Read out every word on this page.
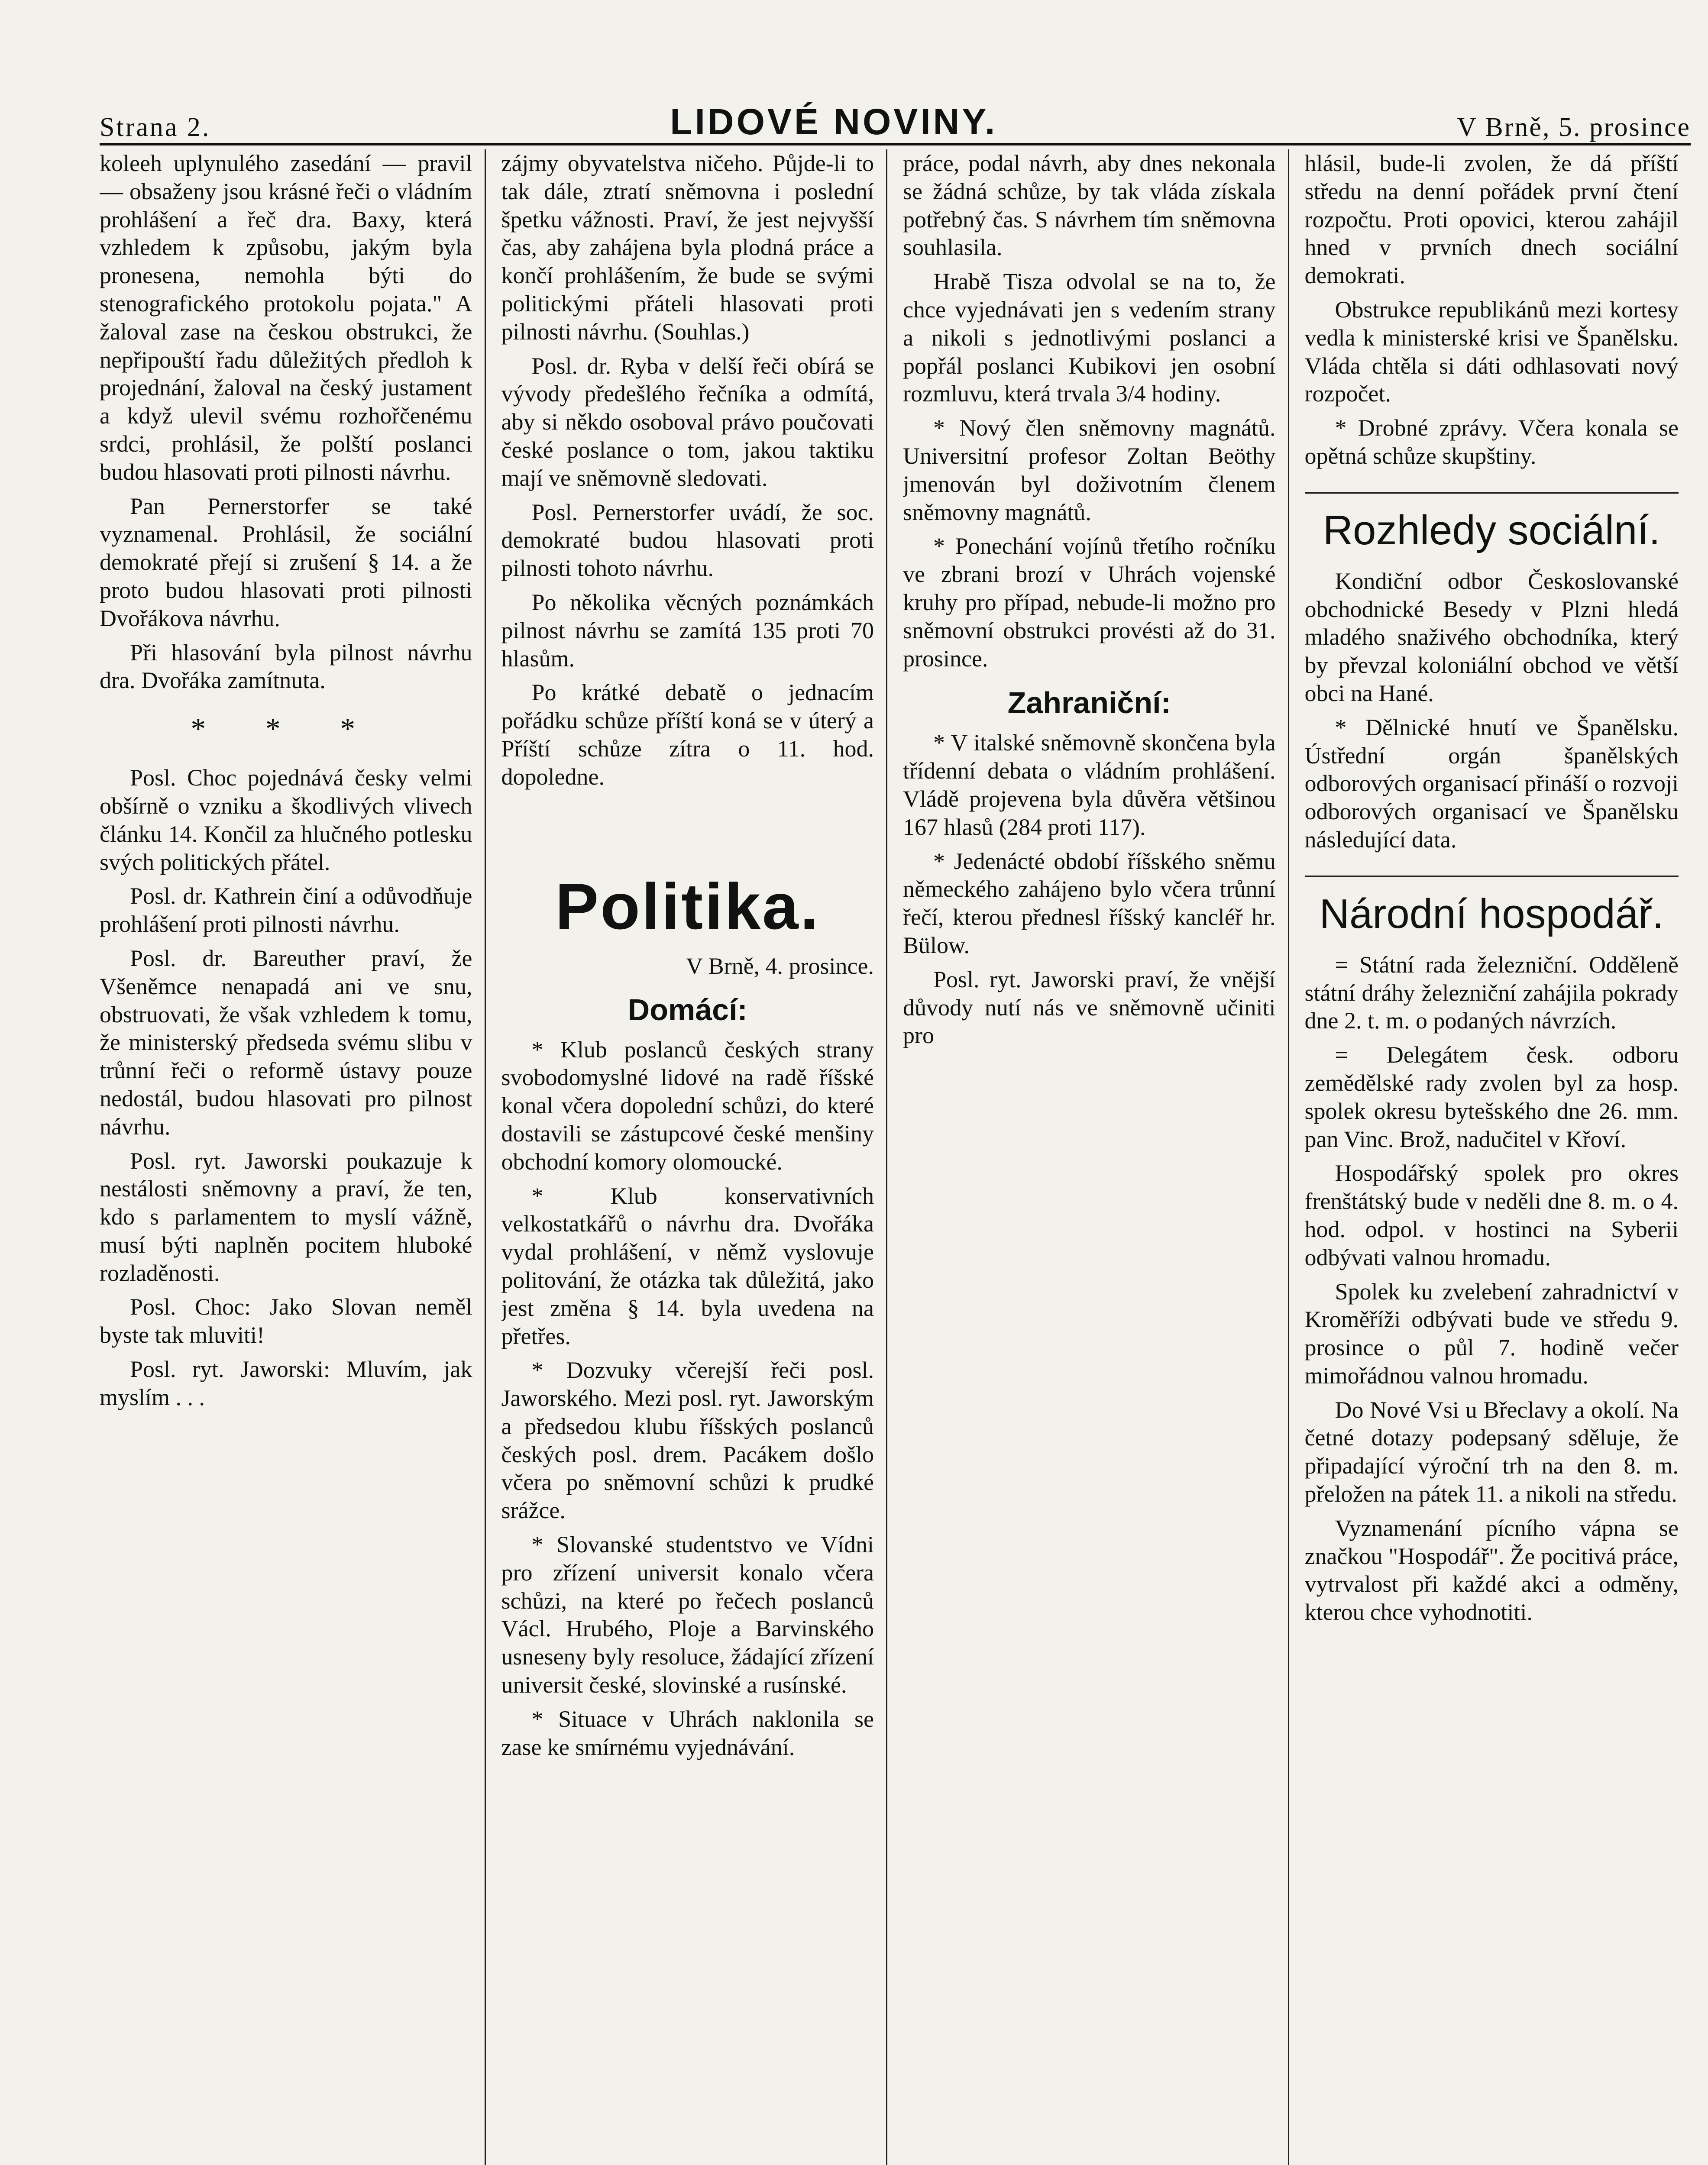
Strana 2.	LIDOVÉ NOVINY.	V Brně, 5. prosince

koleeh uplynulého zasedání — pravil — obsaženy jsou krásné řeči o vládním prohlášení a řeč dra. Baxy, která vzhledem k způsobu, jakým byla pronesena, nemohla býti do stenografického protokolu pojata." A žaloval zase na českou obstrukci, že nepřipouští řadu důležitých předloh k projednání, žaloval na český justament a když ulevil svému rozhořčenému srdci, prohlásil, že polští poslanci budou hlasovati proti pilnosti návrhu.

Pan Pernerstorfer se také vyznamenal. Prohlásil, že sociální demokraté přejí si zrušení § 14. a že proto budou hlasovati proti pilnosti Dvořákova návrhu.

Při hlasování byla pilnost návrhu dra. Dvořáka zamítnuta.

* * *

Posl. Choc pojednává česky velmi obšírně o vzniku a škodlivých vlivech článku 14. Končil za hlučného potlesku svých politických přátel.

Posl. dr. Kathrein činí a odůvodňuje prohlášení proti pilnosti návrhu.

Posl. dr. Bareuther praví, že Všeněmce nenapadá ani ve snu, obstruovati, že však vzhledem k tomu, že ministerský předseda svému slibu v trůnní řeči o reformě ústavy pouze nedostál, budou hlasovati pro pilnost návrhu.

Posl. ryt. Jaworski poukazuje k nestálosti sněmovny a praví, že ten, kdo s parlamentem to myslí vážně, musí býti naplněn pocitem hluboké rozladěnosti.

Posl. Choc: Jako Slovan neměl byste tak mluviti!

Posl. ryt. Jaworski: Mluvím, jak myslím . . .

zájmy obyvatelstva ničeho. Půjde-li to tak dále, ztratí sněmovna i poslední špetku vážnosti. Praví, že jest nejvyšší čas, aby zahájena byla plodná práce a končí prohlášením, že bude se svými politickými přáteli hlasovati proti pilnosti návrhu. (Souhlas.)

Posl. dr. Ryba v delší řeči obírá se výv⁠ody předešlého řečníka a odmítá, aby si někdo osoboval právo poučovati české poslance o tom, jakou taktiku mají ve sněmovně sledovati.

Posl. Pernerstorfer uvádí, že soc. demokraté budou hlasovati proti pilnosti tohoto návrhu.

Po několika věcných poznámkách pilnost návrhu se zamítá 135 proti 70 hlasům.

Po krátké debatě o jednacím pořádku schůze příští koná se v úterý a Příští schůze zítra o 11. hod. dopoledne.

Politika.
V Brně, 4. prosince.
Domácí:

* Klub poslanců českých strany svobodomyslné lidové na radě říšské konal včera dopolední schůzi, do které dostavili se zástupcové české menšiny obchodní komory olomoucké.

* Klub konservativních velkostatkářů o návrhu dra. Dvořáka vydal prohlášení, v němž vyslovuje politování, že otázka tak důležitá, jako jest změna § 14. byla uvedena na přetřes.

* Dozvuky včerejší řeči posl. Jaworského. Mezi posl. ryt. Jaworským a předsedou klubu říšských poslanců českých posl. drem. Pacákem došlo včera po sněmovní schůzi k prudké srážce.

* Slovanské studentstvo ve Vídni pro zřízení universit konalo včera schůzi, na které po řečech poslanců Václ. Hrubého, Ploje a Barvinského usneseny byly resoluce, žádající zřízení universit české, slovinské a rusínské.

* Situace v Uhrách naklonila se zase ke smírnému vyjednávání.

práce, podal návrh, aby dnes nekonala se žádná schůze, by tak vláda získala potřebný čas. S návrhem tím sněmovna souhlasila.

Hrabě Tisza odvolal se na to, že chce vyjednávati jen s vedením strany a nikoli s jednotlivými poslanci a popřál poslanci Kubikovi jen osobní rozmluvu, která trvala 3/4 hodiny.

* Nový člen sněmovny magnátů. Universitní profesor Zoltan Beöthy jmenován byl doživotním členem sněmovny magnátů.

* Ponechání vojínů třetího ročníku ve zbrani brozí v Uhrách vojenské kruhy pro případ, nebude-li možno pro sněmovní obstrukci provésti až do 31. prosince.

Zahraniční:

* V italské sněmovně skončena byla třídenní debata o vládním prohlášení. Vládě projevena byla důvěra většinou 167 hlasů (284 proti 117).

* Jedenácté období říšského sněmu německého zahájeno bylo včera trůnní řečí, kterou přednesl říšský kancléř hr. Bülow.

Posl. ryt. Jaworski praví, že vnější důvody nutí nás ve sněmovně učiniti pro

hlásil, bude-li zvolen, že dá příští středu na denní pořádek první čtení rozpočtu. Proti opovici, kterou zahájil hned v prvních dnech sociální demokrati.

Obstrukce republikánů mezi kortesy vedla k ministerské krisi ve Španělsku. Vláda chtěla si dáti odhlasovati nový rozpočet.

* Drobné zprávy. Včera konala se opětná schůze skupštiny.

Rozhledy sociální.

Kondiční odbor Českoslovanské obchodnické Besedy v Plzni hledá mladého snaživého obchodníka, který by převzal koloniální obchod ve větší obci na Hané.

* Dělnické hnutí ve Španělsku. Ústřední orgán španělských odborových organisací přináší o rozvoji odborových organisací ve Španělsku následující data.

Národní hospodář.

= Státní rada železniční. Odděleně státní dráhy železniční zahájila pokrady dne 2. t. m. o podaných návrzích.

= Delegátem česk. odboru zemědělské rady zvolen byl za hosp. spolek okresu bytešského dne 26. mm. pan Vinc. Brož, nadučitel v Křoví.

Hospodářský spolek pro okres frenštátský bude v neděli dne 8. m. o 4. hod. odpol. v hostinci na Syberii odbývati valnou hromadu.

Spolek ku zvelebení zahradnictví v Kroměříži odbývati bude ve středu 9. prosince o půl 7. hodině večer mimořádnou valnou hromadu.

Do Nové Vsi u Břeclavy a okolí. Na četné dotazy podepsaný sděluje, že připadající výroční trh na den 8. m. přeložen na pátek 11. a nikoli na středu.

Vyznamenání pícního vápna se značkou "Hospodář". Že pocitivá práce, vytrvalost při každé akci a odměny, kterou chce vyhodnotiti.
